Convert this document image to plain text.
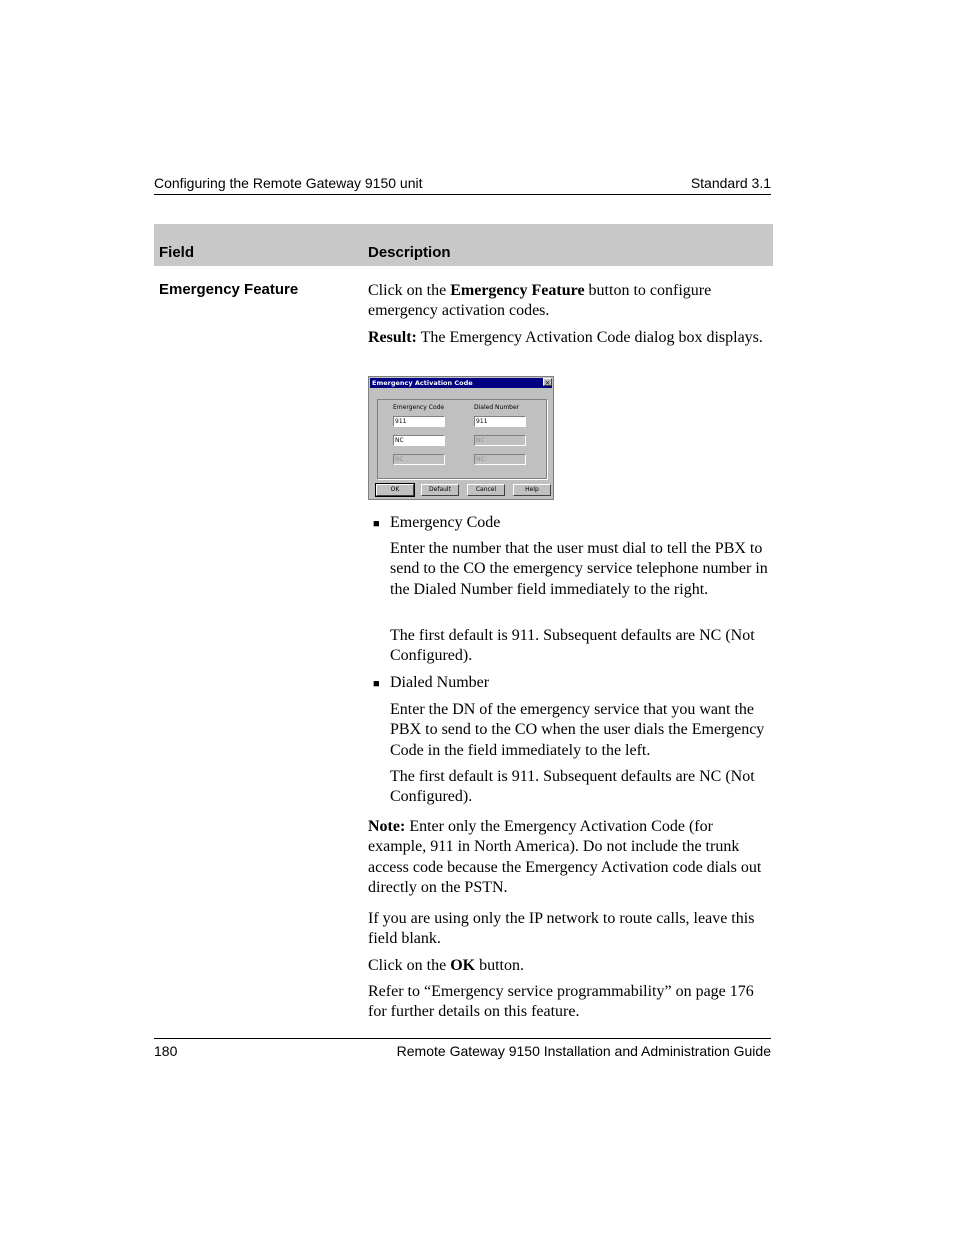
Configuring the Remote Gateway 9150 unit	Standard 3.1
Field	Description
Emergency Feature	Click on the Emergency Feature button to configure emergency activation codes.

Result: The Emergency Activation Code dialog box displays.

Emergency Activation Code	×
Emergency Code	Dialed Number
911	911
NC	NC
NC	NC
OK	Default	Cancel	Help
■ Emergency Code

Enter the number that the user must dial to tell the PBX to send to the CO the emergency service telephone number in the Dialed Number field immediately to the right.

The first default is 911. Subsequent defaults are NC (Not Configured).

■ Dialed Number

Enter the DN of the emergency service that you want the PBX to send to the CO when the user dials the Emergency Code in the field immediately to the left.

The first default is 911. Subsequent defaults are NC (Not Configured).

Note: Enter only the Emergency Activation Code (for example, 911 in North America). Do not include the trunk access code because the Emergency Activation code dials out directly on the PSTN.

If you are using only the IP network to route calls, leave this field blank.

Click on the OK button.

Refer to “Emergency service programmability” on page 176 for further details on this feature.

180	Remote Gateway 9150 Installation and Administration Guide
